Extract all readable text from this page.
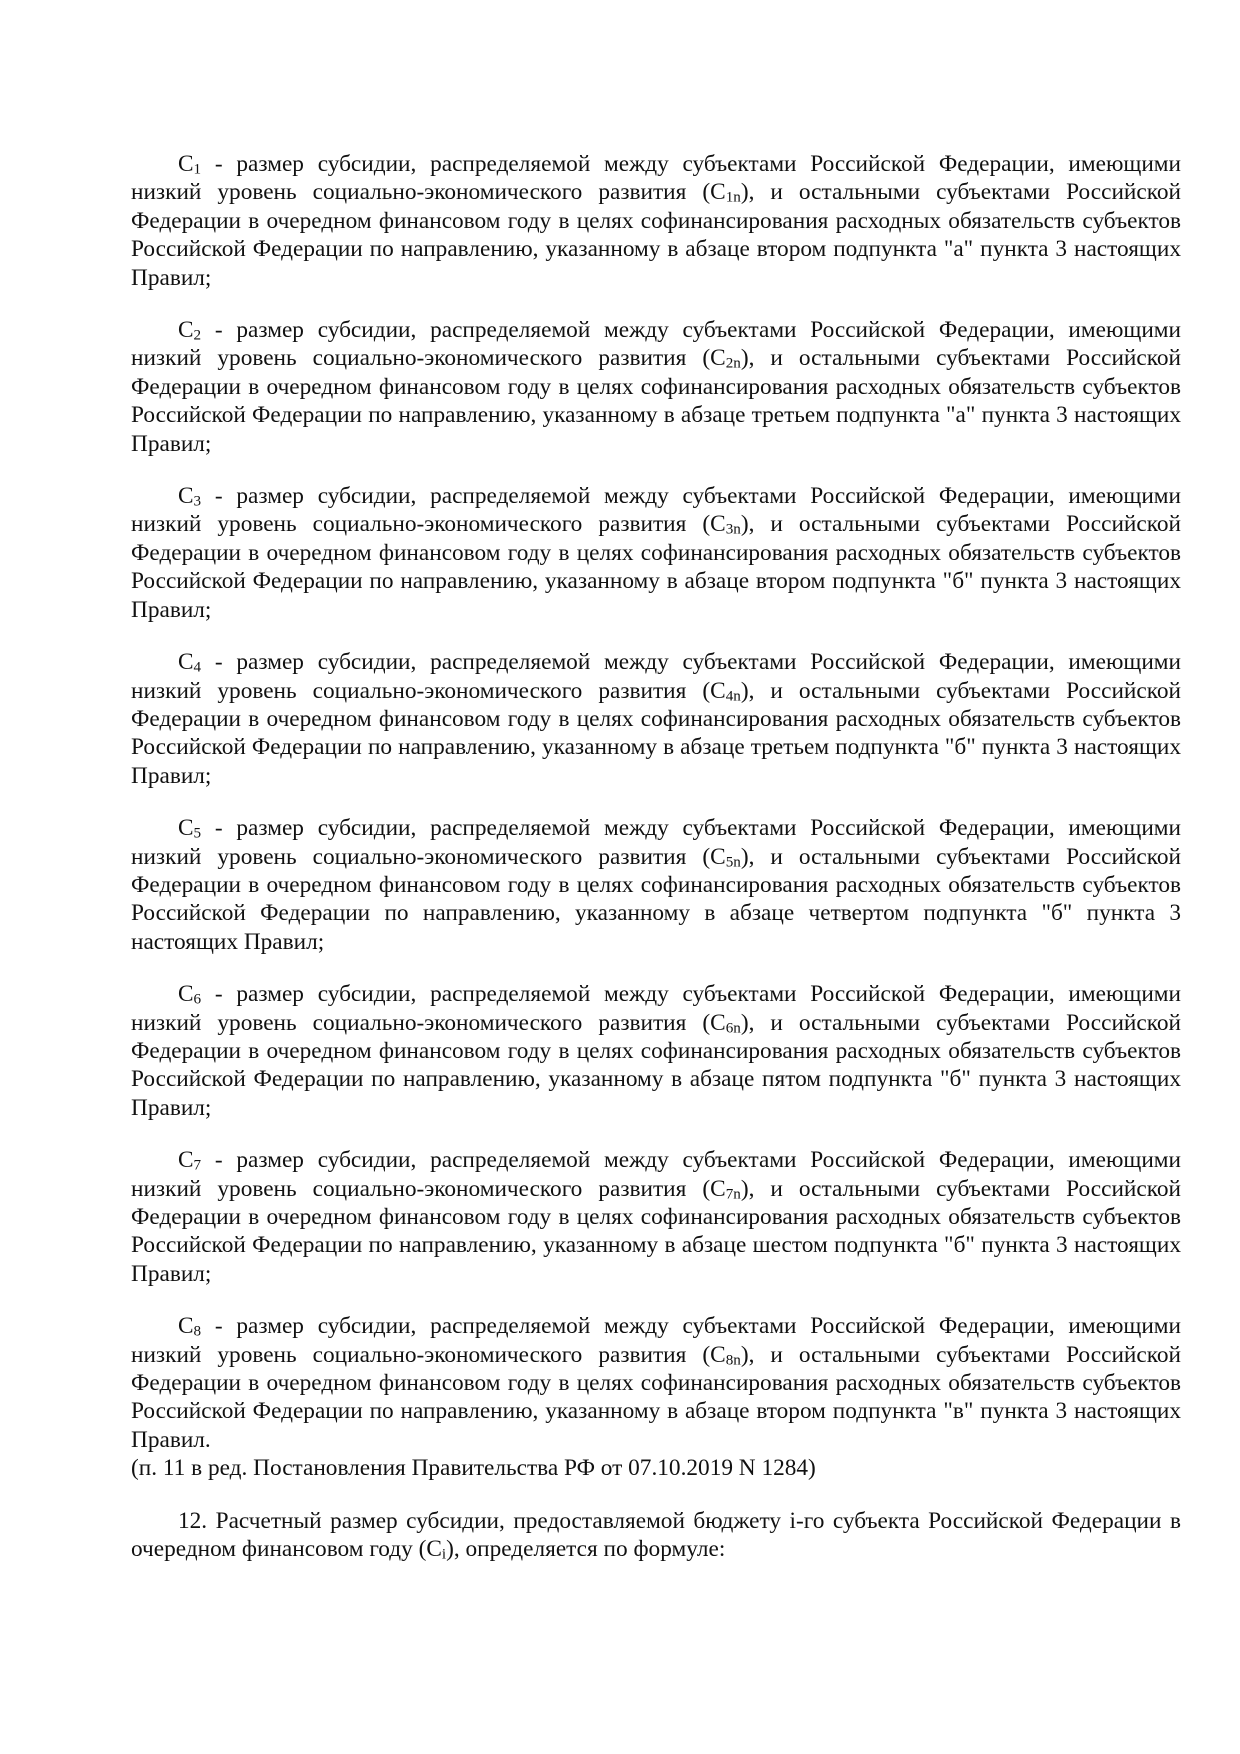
$C_1$ - размер субсидии, распределяемой между субъектами Российской Федерации, имеющими низкий уровень социально-экономического развития $(C_{1n})$, и остальными субъектами Российской Федерации в очередном финансовом году в целях софинансирования расходных обязательств субъектов Российской Федерации по направлению, указанному в абзаце втором подпункта "а" пункта 3 настоящих Правил;

$C_2$ - размер субсидии, распределяемой между субъектами Российской Федерации, имеющими низкий уровень социально-экономического развития $(C_{2n})$, и остальными субъектами Российской Федерации в очередном финансовом году в целях софинансирования расходных обязательств субъектов Российской Федерации по направлению, указанному в абзаце третьем подпункта "а" пункта 3 настоящих Правил;

$C_3$ - размер субсидии, распределяемой между субъектами Российской Федерации, имеющими низкий уровень социально-экономического развития $(C_{3n})$, и остальными субъектами Российской Федерации в очередном финансовом году в целях софинансирования расходных обязательств субъектов Российской Федерации по направлению, указанному в абзаце втором подпункта "б" пункта 3 настоящих Правил;

$C_4$ - размер субсидии, распределяемой между субъектами Российской Федерации, имеющими низкий уровень социально-экономического развития $(C_{4n})$, и остальными субъектами Российской Федерации в очередном финансовом году в целях софинансирования расходных обязательств субъектов Российской Федерации по направлению, указанному в абзаце третьем подпункта "б" пункта 3 настоящих Правил;

$C_5$ - размер субсидии, распределяемой между субъектами Российской Федерации, имеющими низкий уровень социально-экономического развития $(C_{5n})$, и остальными субъектами Российской Федерации в очередном финансовом году в целях софинансирования расходных обязательств субъектов Российской Федерации по направлению, указанному в абзаце четвертом подпункта "б" пункта 3 настоящих Правил;

$C_6$ - размер субсидии, распределяемой между субъектами Российской Федерации, имеющими низкий уровень социально-экономического развития $(C_{6n})$, и остальными субъектами Российской Федерации в очередном финансовом году в целях софинансирования расходных обязательств субъектов Российской Федерации по направлению, указанному в абзаце пятом подпункта "б" пункта 3 настоящих Правил;

$C_7$ - размер субсидии, распределяемой между субъектами Российской Федерации, имеющими низкий уровень социально-экономического развития $(C_{7n})$, и остальными субъектами Российской Федерации в очередном финансовом году в целях софинансирования расходных обязательств субъектов Российской Федерации по направлению, указанному в абзаце шестом подпункта "б" пункта 3 настоящих Правил;

$C_8$ - размер субсидии, распределяемой между субъектами Российской Федерации, имеющими низкий уровень социально-экономического развития $(C_{8n})$, и остальными субъектами Российской Федерации в очередном финансовом году в целях софинансирования расходных обязательств субъектов Российской Федерации по направлению, указанному в абзаце втором подпункта "в" пункта 3 настоящих Правил.

(п. 11 в ред. Постановления Правительства РФ от 07.10.2019 N 1284)

12. Расчетный размер субсидии, предоставляемой бюджету i-го субъекта Российской Федерации в очередном финансовом году $(C_i)$, определяется по формуле:
